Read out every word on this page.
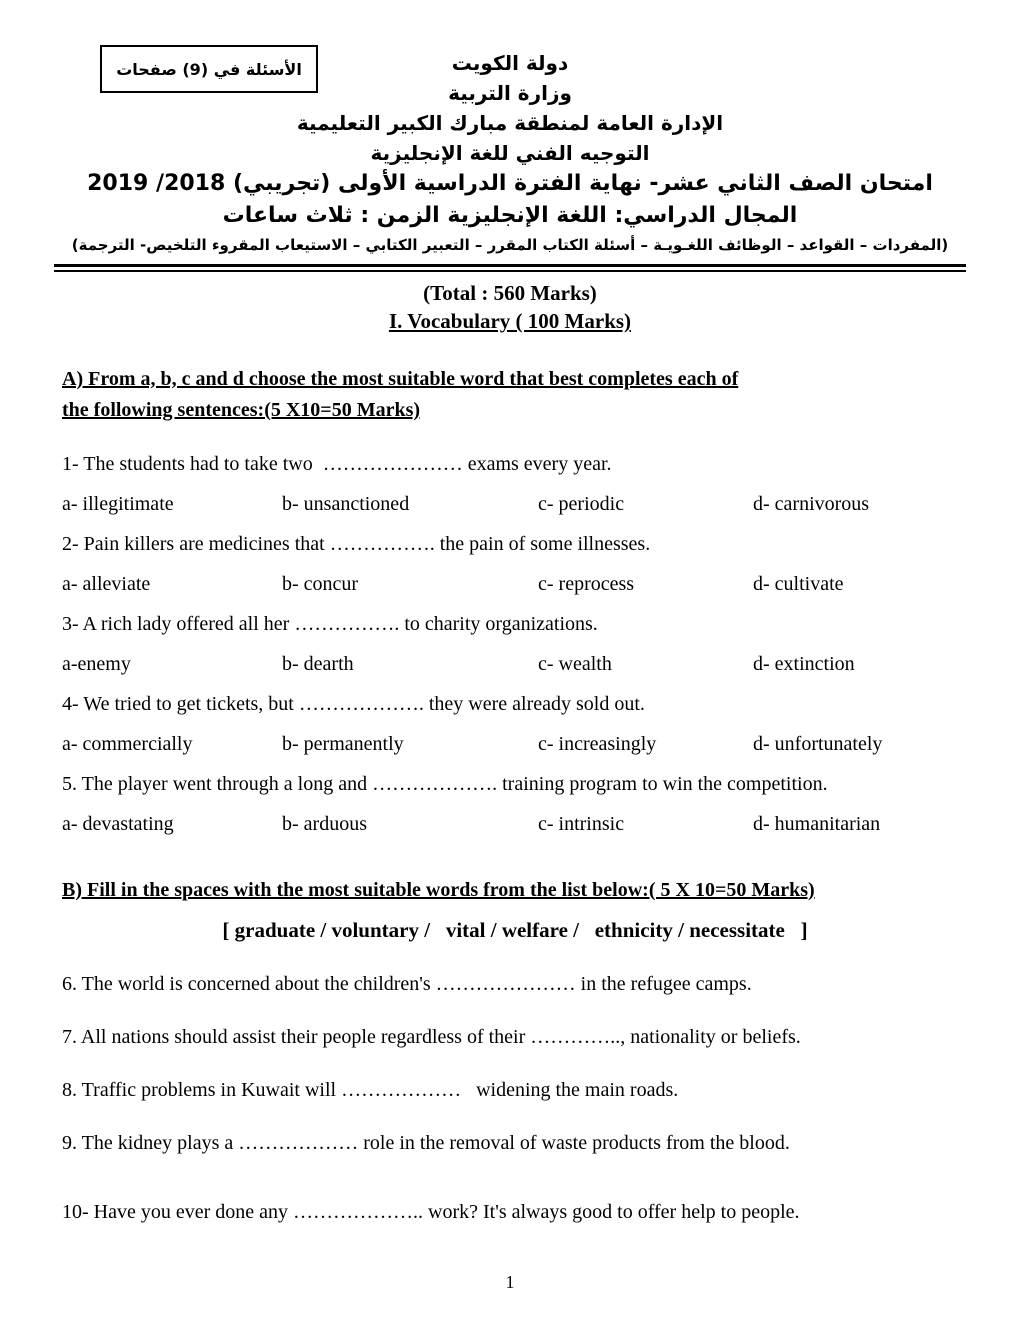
الأسئلة في (9) صفحات	دولة الكويت
وزارة التربية
الإدارة العامة لمنطقة مبارك الكبير التعليمية
التوجيه الفني للغة الإنجليزية
امتحان الصف الثاني عشر- نهاية الفترة الدراسية الأولى (تجريبي) 2018/ 2019
المجال الدراسي: اللغة الإنجليزية الزمن : ثلاث ساعات
(المفردات – القواعد – الوظائف اللغـويـة – أسئلة الكتاب المقرر – التعبير الكتابي – الاستيعاب المقروء التلخيص- الترجمة)
(Total : 560 Marks)
I. Vocabulary ( 100 Marks)
A) From a, b, c and d choose the most suitable word that best completes each of
the following sentences:(5 X10=50 Marks)
1- The students had to take two  ………………… exams every year.
a- illegitimate	b- unsanctioned	c- periodic	d- carnivorous
2- Pain killers are medicines that ……………. the pain of some illnesses.
a- alleviate	b- concur	c- reprocess	d- cultivate
3- A rich lady offered all her ……………. to charity organizations.
a-enemy	b- dearth	c- wealth	d- extinction
4- We tried to get tickets, but ………………. they were already sold out.
a- commercially	b- permanently	c- increasingly	d- unfortunately
5. The player went through a long and ………………. training program to win the competition.
a- devastating	b- arduous	c- intrinsic	d- humanitarian
B) Fill in the spaces with the most suitable words from the list below:( 5 X 10=50 Marks)
[ graduate / voluntary /   vital / welfare /   ethnicity / necessitate   ]
6. The world is concerned about the children's ………………… in the refugee camps.
7. All nations should assist their people regardless of their ………….., nationality or beliefs.
8. Traffic problems in Kuwait will ………………   widening the main roads.
9. The kidney plays a ……………… role in the removal of waste products from the blood.
10- Have you ever done any ……………….. work? It's always good to offer help to people.
1
